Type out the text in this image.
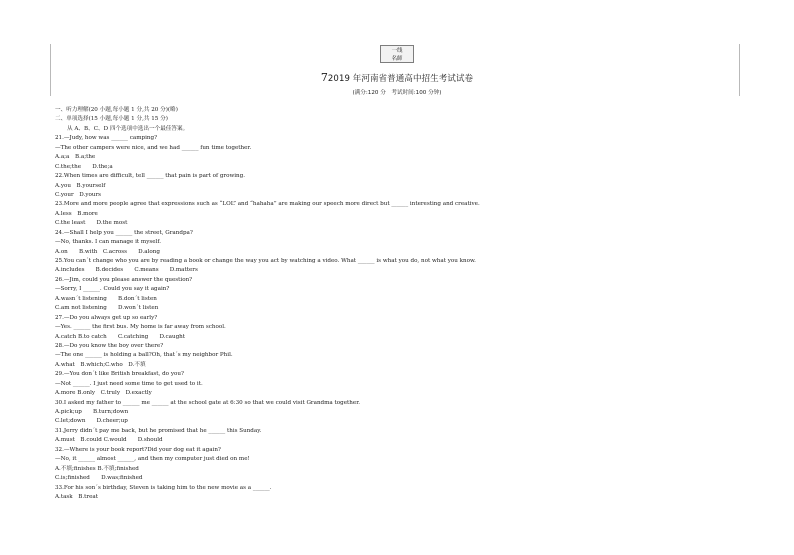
一线
名師
72019 年河南省普通高中招生考试试卷
(满分:120 分　考试时间:100 分钟)
一、听力理解(20 小题,每小题 1 分,共 20 分)(略)
二、单项选择(15 小题,每小题 1 分,共 15 分)
从 A、B、C、D 四个选项中选出一个最佳答案。
21.—Judy, how was ______ camping?
—The other campers were nice, and we had ______ fun time together.
A.a;a　B.a;the
C.the;the　　D.the;a
22.When times are difficult, tell ______ that pain is part of growing.
A.you　B.yourself
C.your　D.yours
23.More and more people agree that expressions such as “LOL” and “hahaha” are making our speech more direct but ______ interesting and creative.
A.less　B.more
C.the least　　D.the most
24.—Shall I help you ______ the street, Grandpa?
—No, thanks. I can manage it myself.
A.on　　B.with　C.across　　D.along
25.You can´t change who you are by reading a book or change the way you act by watching a video. What ______ is what you do, not what you know.
A.includes　　B.decides　　C.means　　D.matters
26.—Jim, could you please answer the question?
—Sorry, I ______. Could you say it again?
A.wasn´t listening　　B.don´t listen
C.am not listening　　D.won´t listen
27.—Do you always get up so early?
—Yes. ______ the first bus. My home is far away from school.
A.catch B.to catch　　C.catching　　D.caught
28.—Do you know the boy over there?
—The one ______ is holding a ball?Oh, that´s my neighbor Phil.
A.what　B.which;C.who　D.不填
29.—You don´t like British breakfast, do you?
—Not ______. I just need some time to get used to it.
A.more B.only　C.truly　D.exactly
30.I asked my father to ______ me ______ at the school gate at 6:30 so that we could visit Grandma together.
A.pick;up　　B.turn;down
C.let;down　　D.cheer;up
31.Jerry didn´t pay me back, but he promised that he ______ this Sunday.
A.must　B.could C.would　　D.should
32.—Where is your book report?Did your dog eat it again?
—No, it ______ almost ______, and then my computer just died on me!
A.不填;finishes B.不填;finished
C.is;finished　　D.was;finished
33.For his son´s birthday, Steven is taking him to the new movie as a ______.
A.task　B.treat
